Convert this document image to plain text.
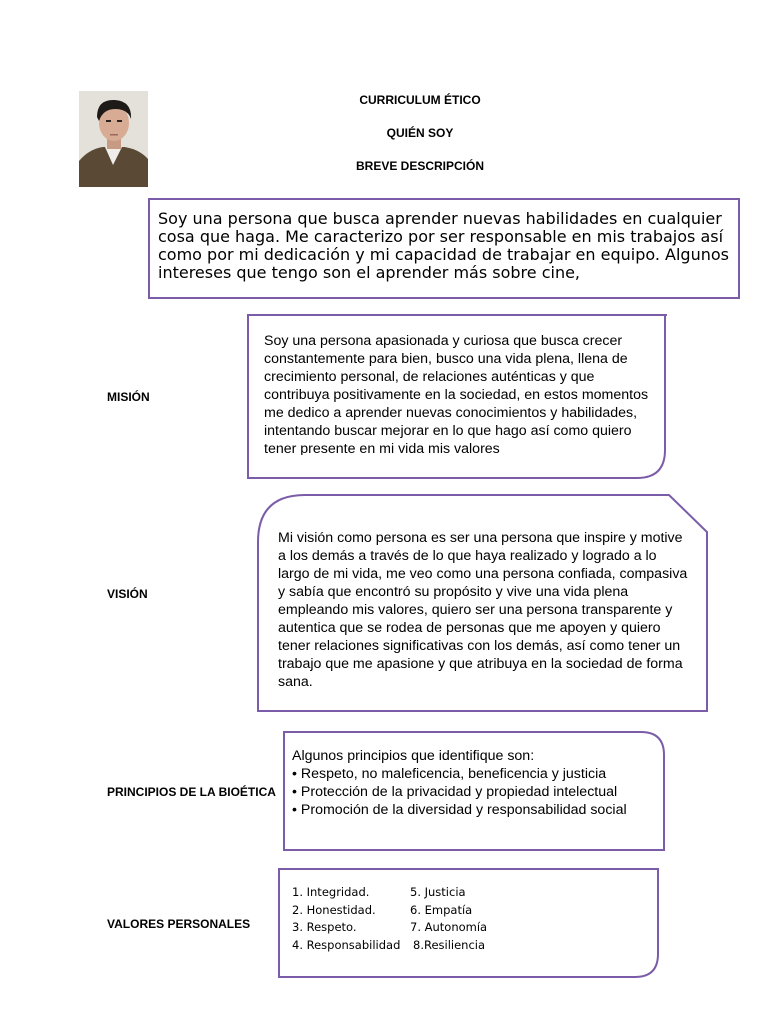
CURRICULUM ÉTICO
QUIÉN SOY
BREVE DESCRIPCIÓN
Soy una persona que busca aprender nuevas habilidades en cualquier cosa que haga. Me caracterizo por ser responsable en mis trabajos así como por mi dedicación y mi capacidad de trabajar en equipo. Algunos intereses que tengo son el aprender más sobre cine,
MISIÓN
Soy una persona apasionada y curiosa que busca crecer constantemente para bien, busco una vida plena, llena de crecimiento personal, de relaciones auténticas y que contribuya positivamente en la sociedad, en estos momentos me dedico a aprender nuevas conocimientos y habilidades, intentando buscar mejorar en lo que hago así como quiero tener presente en mi vida mis valores
VISIÓN
Mi visión como persona es ser una persona que inspire y motive a los demás a través de lo que haya realizado y logrado a lo largo de mi vida, me veo como una persona confiada, compasiva y sabía que encontró su propósito y vive una vida plena empleando mis valores, quiero ser una persona transparente y autentica que se rodea de personas que me apoyen y quiero tener relaciones significativas con los demás, así como tener un trabajo que me apasione y que atribuya en la sociedad de forma sana.
PRINCIPIOS DE LA BIOÉTICA
Algunos principios que identifique son:
• Respeto, no maleficencia, beneficencia y justicia
• Protección de la privacidad y propiedad intelectual
• Promoción de la diversidad y responsabilidad social
VALORES PERSONALES
1. Integridad.	5. Justicia
2. Honestidad.	6. Empatía
3. Respeto.	7. Autonomía
4. Responsabilidad	8.Resiliencia
